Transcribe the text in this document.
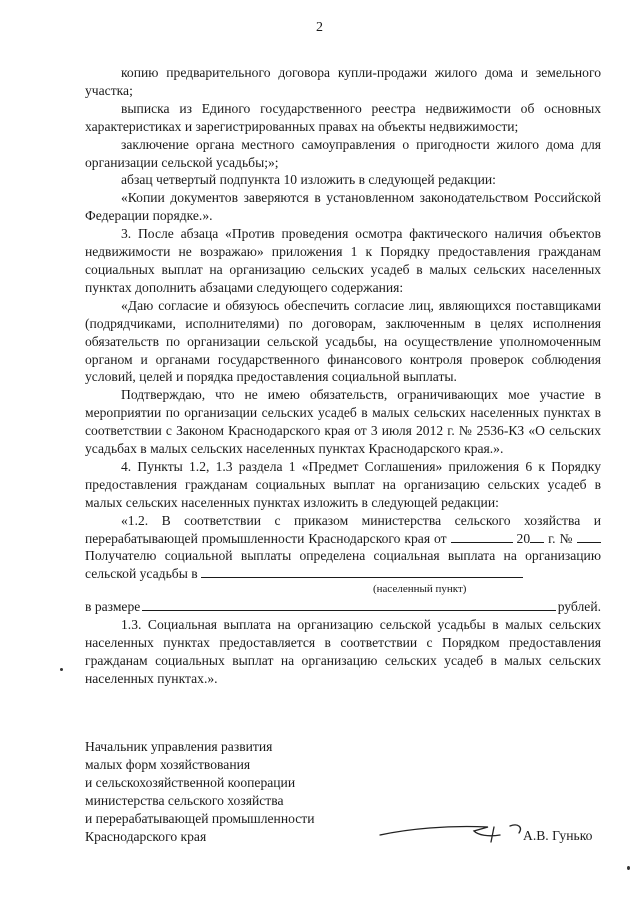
2

копию предварительного договора купли-продажи жилого дома и земельного участка;

выписка из Единого государственного реестра недвижимости об основных характеристиках и зарегистрированных правах на объекты недвижимости;

заключение органа местного самоуправления о пригодности жилого дома для организации сельской усадьбы;»;

абзац четвертый подпункта 10 изложить в следующей редакции:

«Копии документов заверяются в установленном законодательством Российской Федерации порядке.».

3. После абзаца «Против проведения осмотра фактического наличия объектов недвижимости не возражаю» приложения 1 к Порядку предоставления гражданам социальных выплат на организацию сельских усадеб в малых сельских населенных пунктах дополнить абзацами следующего содержания:

«Даю согласие и обязуюсь обеспечить согласие лиц, являющихся поставщиками (подрядчиками, исполнителями) по договорам, заключенным в целях исполнения обязательств по организации сельской усадьбы, на осуществление уполномоченным органом и органами государственного финансового контроля проверок соблюдения условий, целей и порядка предоставления социальной выплаты.

Подтверждаю, что не имею обязательств, ограничивающих мое участие в мероприятии по организации сельских усадеб в малых сельских населенных пунктах в соответствии с Законом Краснодарского края от 3 июля 2012 г. № 2536-КЗ «О сельских усадьбах в малых сельских населенных пунктах Краснодарского края.».

4. Пункты 1.2, 1.3 раздела 1 «Предмет Соглашения» приложения 6 к Порядку предоставления гражданам социальных выплат на организацию сельских усадеб в малых сельских населенных пунктах изложить в следующей редакции:

«1.2. В соответствии с приказом министерства сельского хозяйства и перерабатывающей промышленности Краснодарского края от	20 г. №  Получателю социальной выплаты определена социальная выплата на организацию сельской усадьбы в

(населенный пункт)
в размере	рублей.

1.3. Социальная выплата на организацию сельской усадьбы в малых сельских населенных пунктах предоставляется в соответствии с Порядком предоставления гражданам социальных выплат на организацию сельских усадеб в малых сельских населенных пунктах.».

Начальник управления развития
малых форм хозяйствования
и сельскохозяйственной кооперации
министерства сельского хозяйства
и перерабатывающей промышленности
Краснодарского края	А.В. Гунько
